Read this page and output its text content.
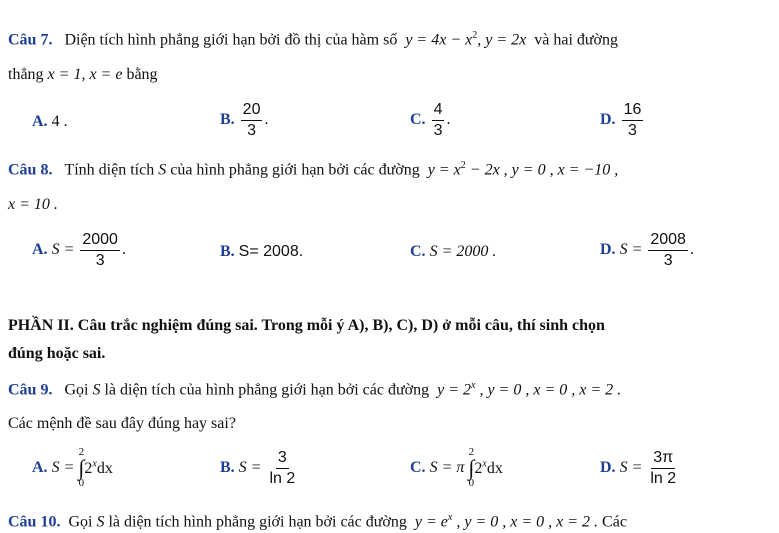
Câu 7. Diện tích hình phẳng giới hạn bởi đồ thị của hàm số $y = 4x - x^2$, y = 2x và hai đường
thẳng x = 1, x = e bằng
A. 4 .	B. $\frac{20}{3}$ .	C. $\frac{4}{3}$ .	D. $\frac{16}{3}$
Câu 8. Tính diện tích S của hình phẳng giới hạn bởi các đường $y = x^2 - 2x$ , y = 0 , x = −10 ,
x = 10 .
A. $S = \frac{2000}{3}$ .	B. S= 2008.	C. S = 2000 .	D. $S = \frac{2008}{3}$ .
PHẦN II. Câu trắc nghiệm đúng sai. Trong mỗi ý A), B), C), D) ở mỗi câu, thí sinh chọn
đúng hoặc sai.
Câu 9. Gọi S là diện tích của hình phẳng giới hạn bởi các đường $y = 2^x$ , y = 0 , x = 0 , x = 2 .
Các mệnh đề sau đây đúng hay sai?
A. S =
2
∫
0
2$^x$dx	B. $S = \frac{3}{\ln 2}$	C. S = π
2
∫
0
2$^x$dx	D. $S = \frac{3\pi}{\ln 2}$
Câu 10. Gọi S là diện tích hình phẳng giới hạn bởi các đường $y = e^x$ , y = 0 , x = 0 , x = 2 . Các
